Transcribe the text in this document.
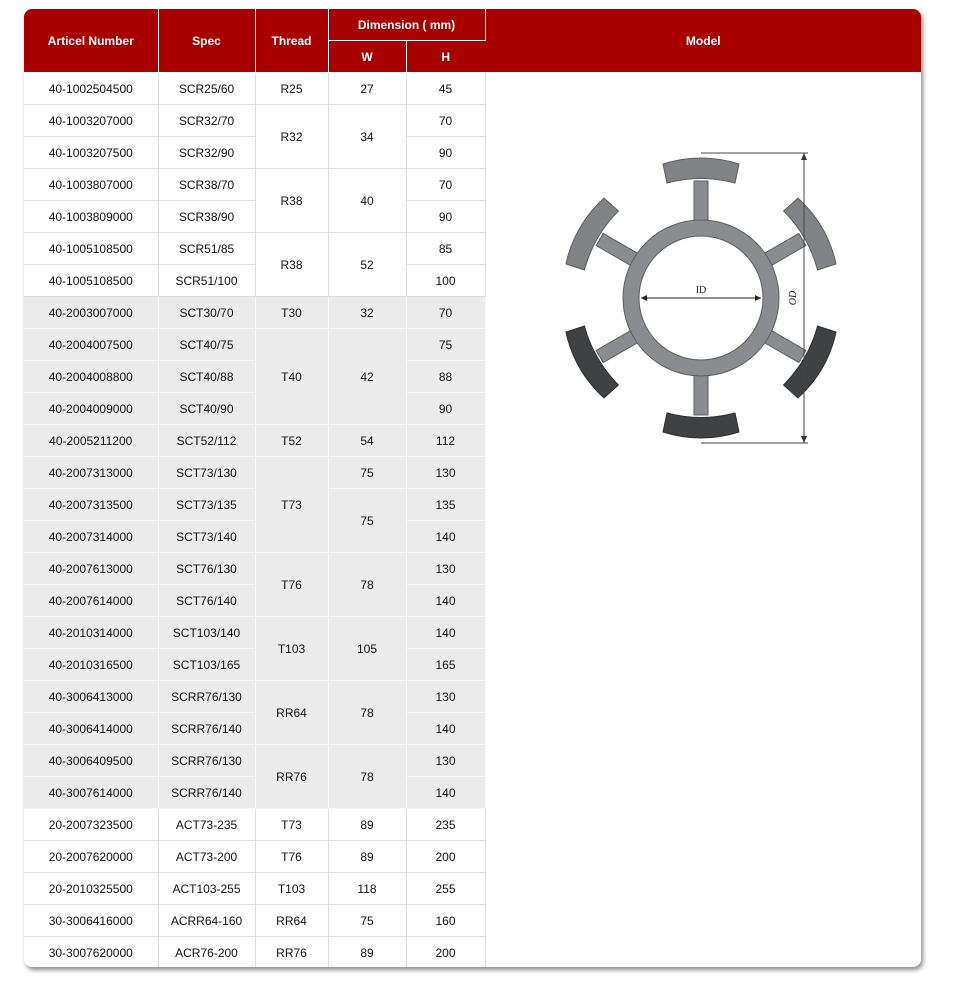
Articel Number	Spec	Thread	Dimension ( mm)		Model
			W	H	
40-1002504500	SCR25/60	R25	27	45	ID
OD

40-1003207000	SCR32/70	R32	34	70	
40-1003207500	SCR32/90			90	
40-1003807000	SCR38/70	R38	40	70	
40-1003809000	SCR38/90			90	
40-1005108500	SCR51/85	R38	52	85	
40-1005108500	SCR51/100			100	
40-2003007000	SCT30/70	T30	32	70	
40-2004007500	SCT40/75	T40	42	75	
40-2004008800	SCT40/88			88	
40-2004009000	SCT40/90			90	
40-2005211200	SCT52/112	T52	54	112	
40-2007313000	SCT73/130	T73	75	130	
40-2007313500	SCT73/135		75	135	
40-2007314000	SCT73/140			140	
40-2007613000	SCT76/130	T76	78	130	
40-2007614000	SCT76/140			140	
40-2010314000	SCT103/140	T103	105	140	
40-2010316500	SCT103/165			165	
40-3006413000	SCRR76/130	RR64	78	130	
40-3006414000	SCRR76/140			140	
40-3006409500	SCRR76/130	RR76	78	130	
40-3007614000	SCRR76/140			140	
20-2007323500	ACT73-235	T73	89	235	
20-2007620000	ACT73-200	T76	89	200	
20-2010325500	ACT103-255	T103	118	255	
30-3006416000	ACRR64-160	RR64	75	160	
30-3007620000	ACR76-200	RR76	89	200	
